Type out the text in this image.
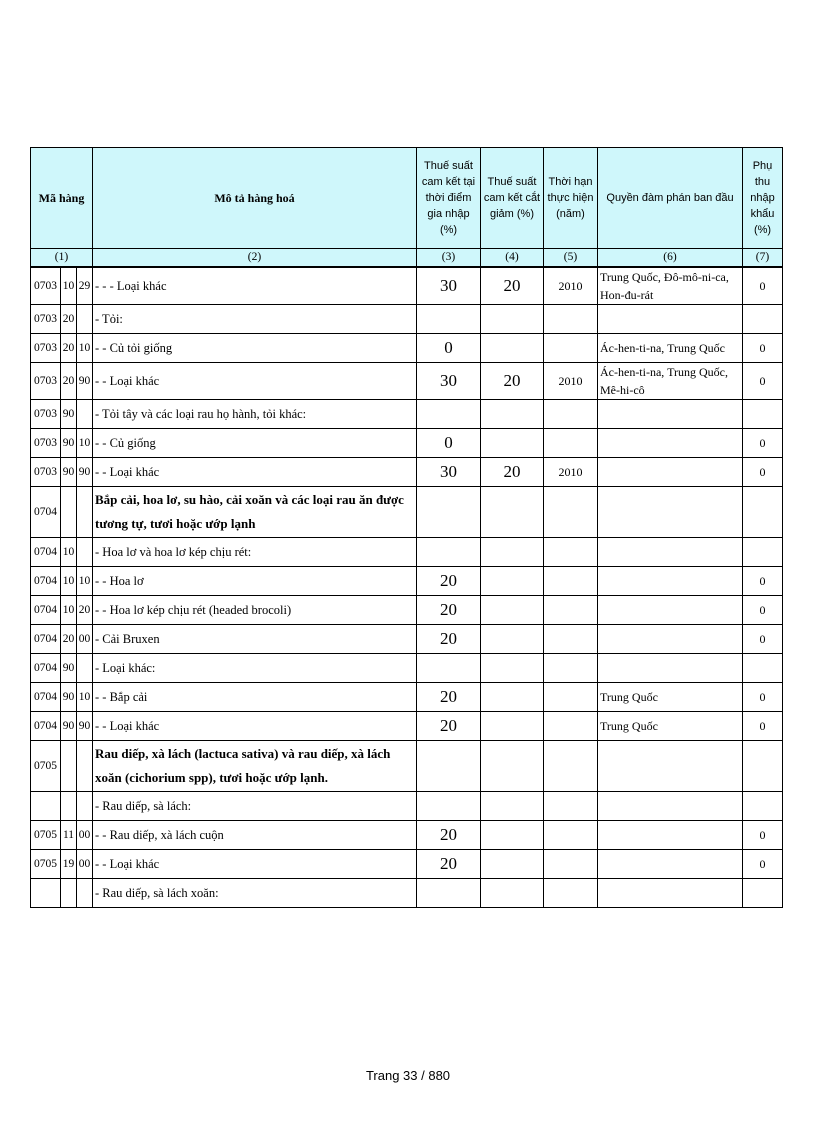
Mã hàng			Mô tả hàng hoá	Thuế suất cam kết tại thời điểm gia nhập (%)	Thuế suất cam kết cắt giảm (%)	Thời hạn thực hiện (năm)	Quyền đàm phán ban đầu	Phụ thu nhập khẩu (%)
(1)			(2)	(3)	(4)	(5)	(6)	(7)
0703	10	29	- - - Loại khác	30	20	2010	Trung Quốc, Đô-mô-ni-ca, Hon-đu-rát	0
0703	20		- Tỏi:					
0703	20	10	- - Củ tỏi giống	0			Ác-hen-ti-na, Trung Quốc	0
0703	20	90	- - Loại khác	30	20	2010	Ác-hen-ti-na, Trung Quốc, Mê-hi-cô	0
0703	90		- Tỏi tây và các loại rau họ hành, tỏi khác:					
0703	90	10	- - Củ giống	0				0
0703	90	90	- - Loại khác	30	20	2010		0
0704			Bắp cải, hoa lơ, su hào, cải xoăn và các loại rau ăn được tương tự, tươi hoặc ướp lạnh					
0704	10		- Hoa lơ và hoa lơ kép chịu rét:					
0704	10	10	- - Hoa lơ	20				0
0704	10	20	- - Hoa lơ kép chịu rét (headed brocoli)	20				0
0704	20	00	- Cải Bruxen	20				0
0704	90		- Loại khác:					
0704	90	10	- - Bắp cải	20			Trung Quốc	0
0704	90	90	- - Loại khác	20			Trung Quốc	0
0705			Rau diếp, xà lách (lactuca sativa) và rau diếp, xà lách xoăn (cichorium spp), tươi hoặc ướp lạnh.					
			- Rau diếp, sà lách:					
0705	11	00	- - Rau diếp, xà lách cuộn	20				0
0705	19	00	- - Loại khác	20				0
			- Rau diếp, sà lách xoăn:					
Trang 33 / 880
